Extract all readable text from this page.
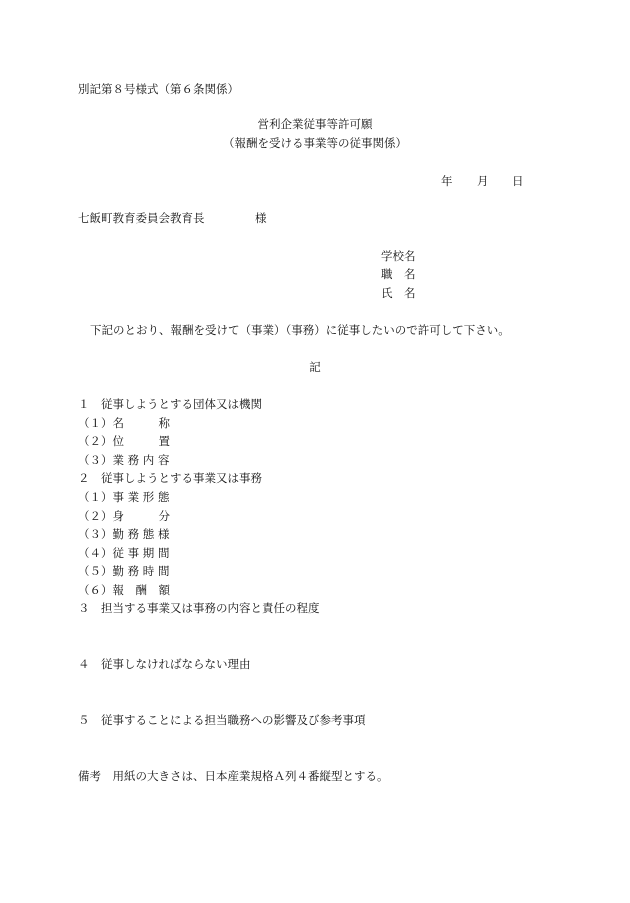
別記第８号様式（第６条関係）
営利企業従事等許可願
（報酬を受ける事業等の従事関係）
年 月 日
七飯町教育委員会教育長	様
学校名
職　名
氏　名
下記のとおり、報酬を受けて（事業）（事務）に従事したいので許可して下さい。
記
１　従事しようとする団体又は機関
（１）名　　　称
（２）位　　　置
（３）業 務 内 容
２　従事しようとする事業又は事務
（１）事 業 形 態
（２）身　　　分
（３）勤 務 態 様
（４）従 事 期 間
（５）勤 務 時 間
（６）報　酬　額
３　担当する事業又は事務の内容と責任の程度
４　従事しなければならない理由
５　従事することによる担当職務への影響及び参考事項
備考　用紙の大きさは、日本産業規格Ａ列４番縦型とする。
